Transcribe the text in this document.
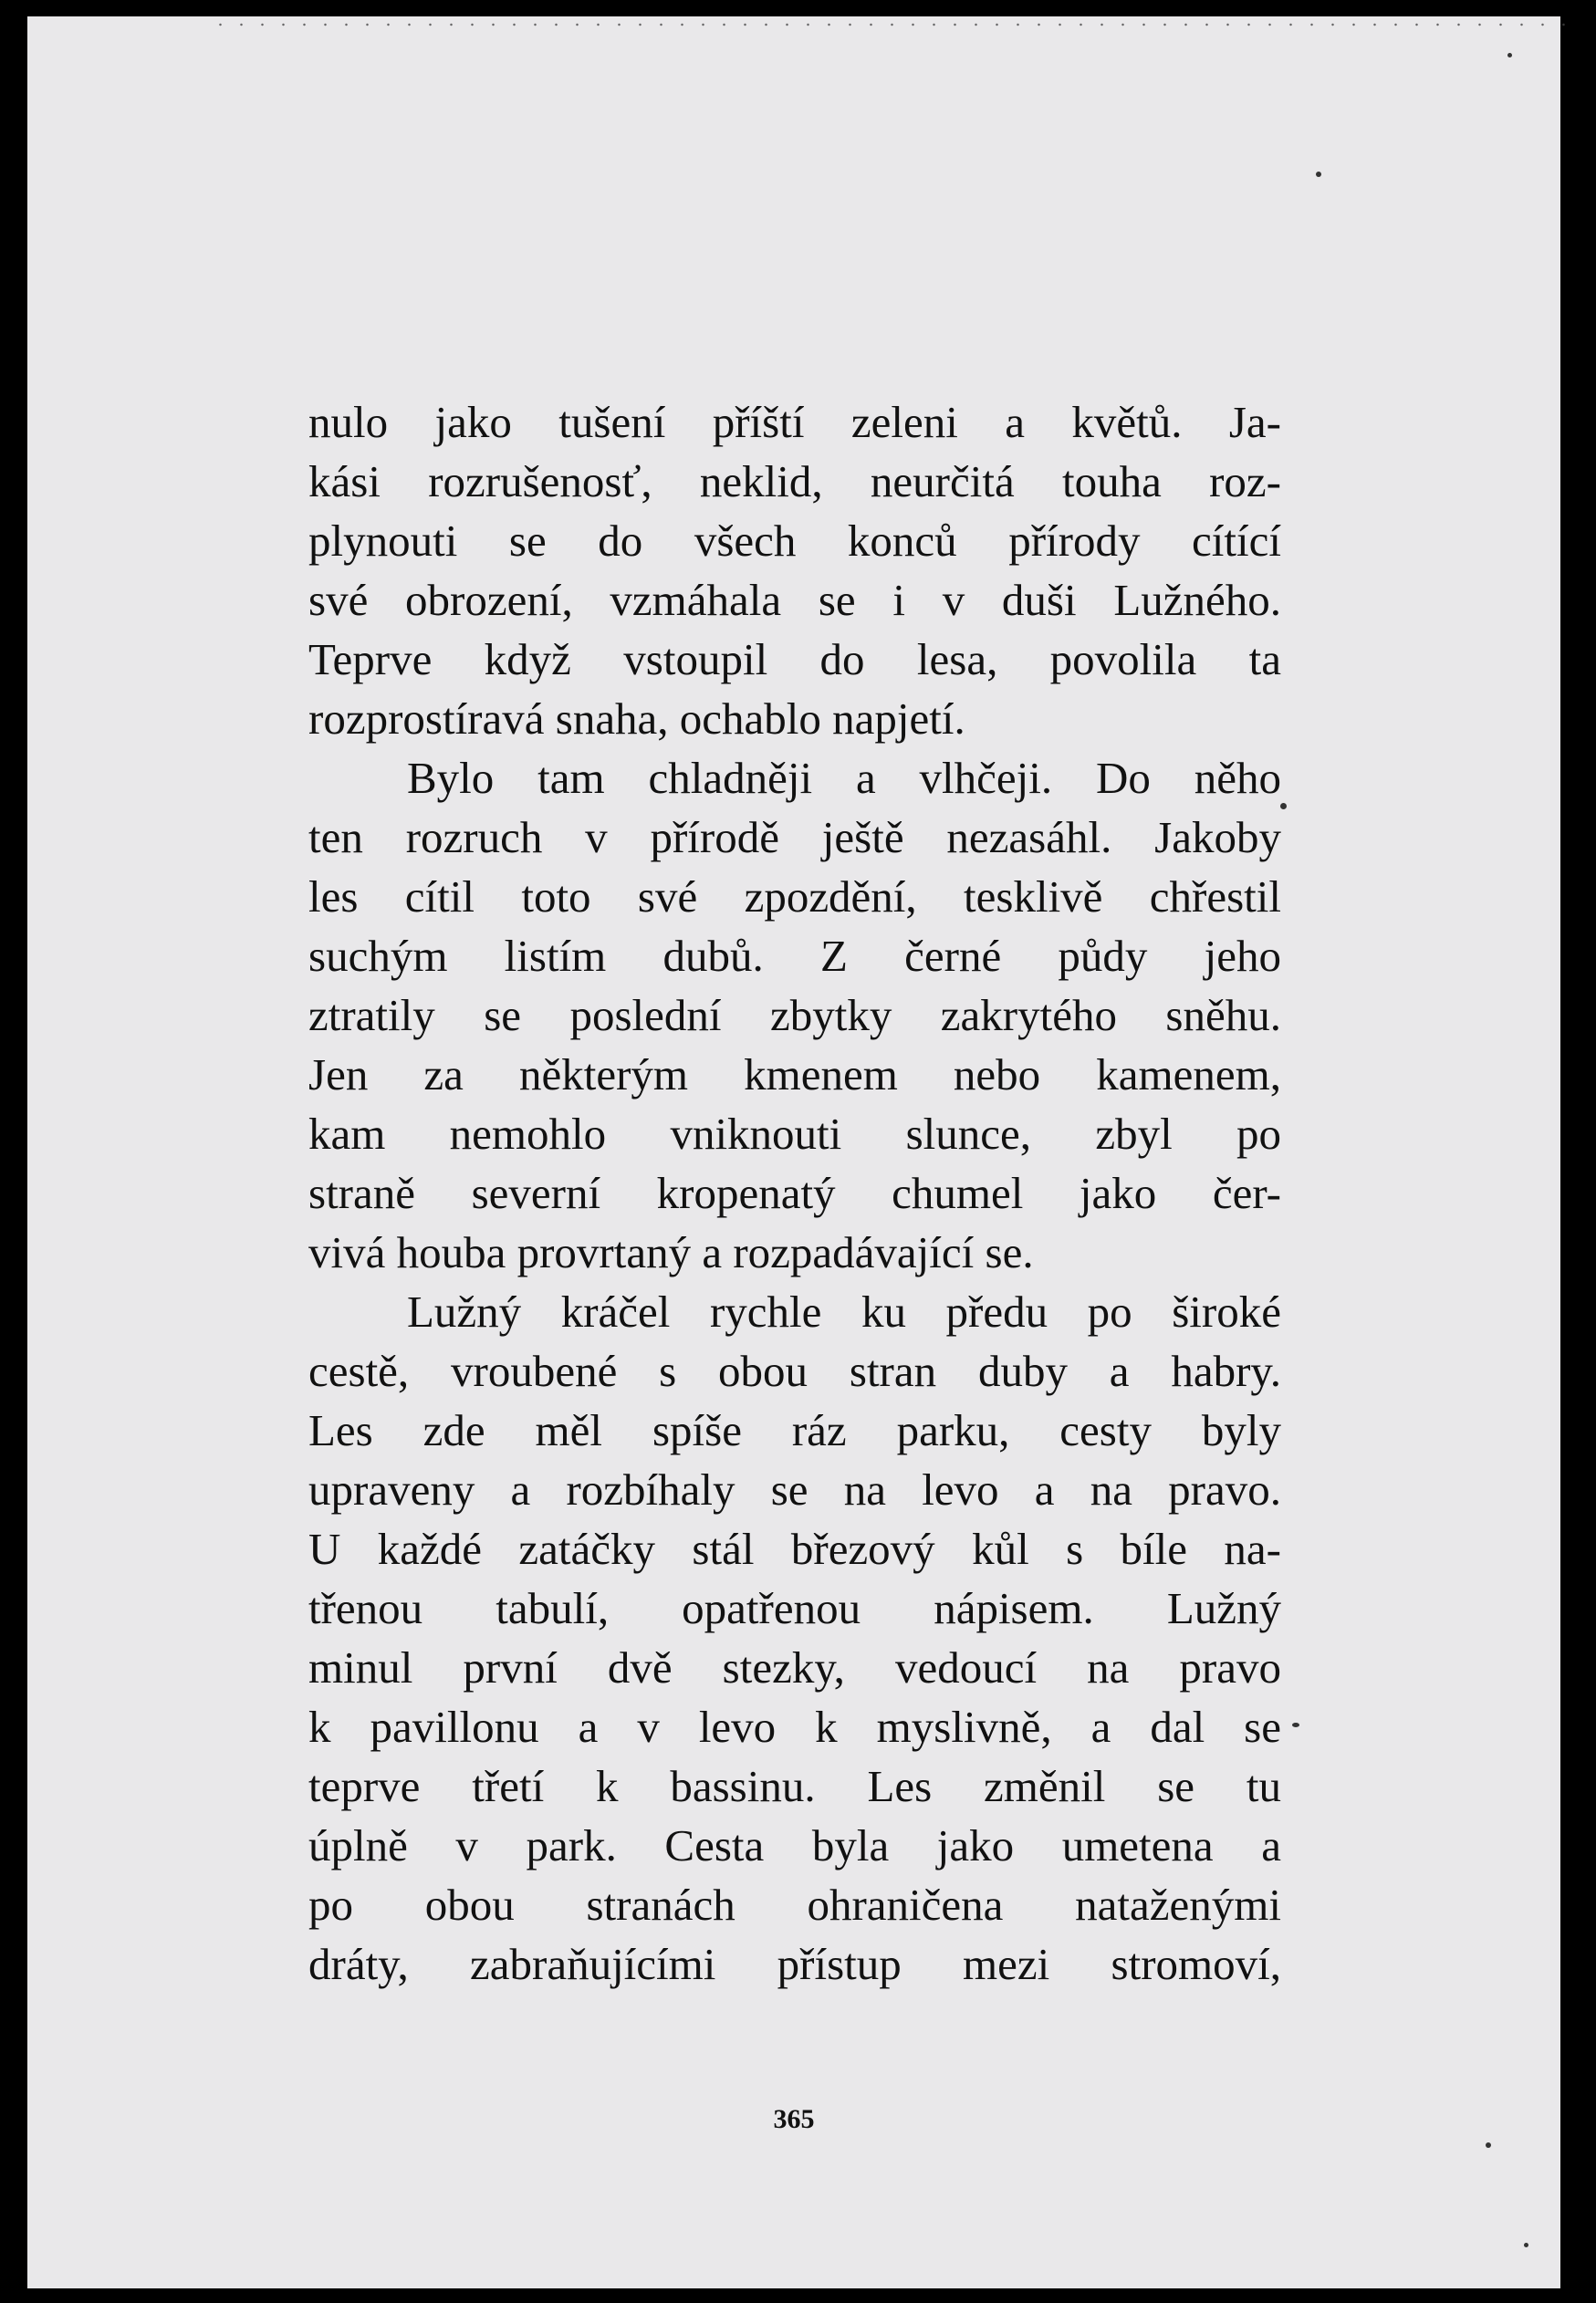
nulo jako tušení příští zeleni a květů. Ja-
kási rozrušenosť, neklid, neurčitá touha roz-
plynouti se do všech konců přírody cítící
své obrození, vzmáhala se i v duši Lužného.
Teprve když vstoupil do lesa, povolila ta
rozprostíravá snaha, ochablo napjetí.
Bylo tam chladněji a vlhčeji. Do něho
ten rozruch v přírodě ještě nezasáhl. Jakoby
les cítil toto své zpozdění, tesklivě chřestil
suchým listím dubů. Z černé půdy jeho
ztratily se poslední zbytky zakrytého sněhu.
Jen za některým kmenem nebo kamenem,
kam nemohlo vniknouti slunce, zbyl po
straně severní kropenatý chumel jako čer-
vivá houba provrtaný a rozpadávající se.
Lužný kráčel rychle ku předu po široké
cestě, vroubené s obou stran duby a habry.
Les zde měl spíše ráz parku, cesty byly
upraveny a rozbíhaly se na levo a na pravo.
U každé zatáčky stál březový kůl s bíle na-
třenou tabulí, opatřenou nápisem. Lužný
minul první dvě stezky, vedoucí na pravo
k pavillonu a v levo k myslivně, a dal se
teprve třetí k bassinu. Les změnil se tu
úplně v park. Cesta byla jako umetena a
po obou stranách ohraničena nataženými
dráty, zabraňujícími přístup mezi stromoví,
365
